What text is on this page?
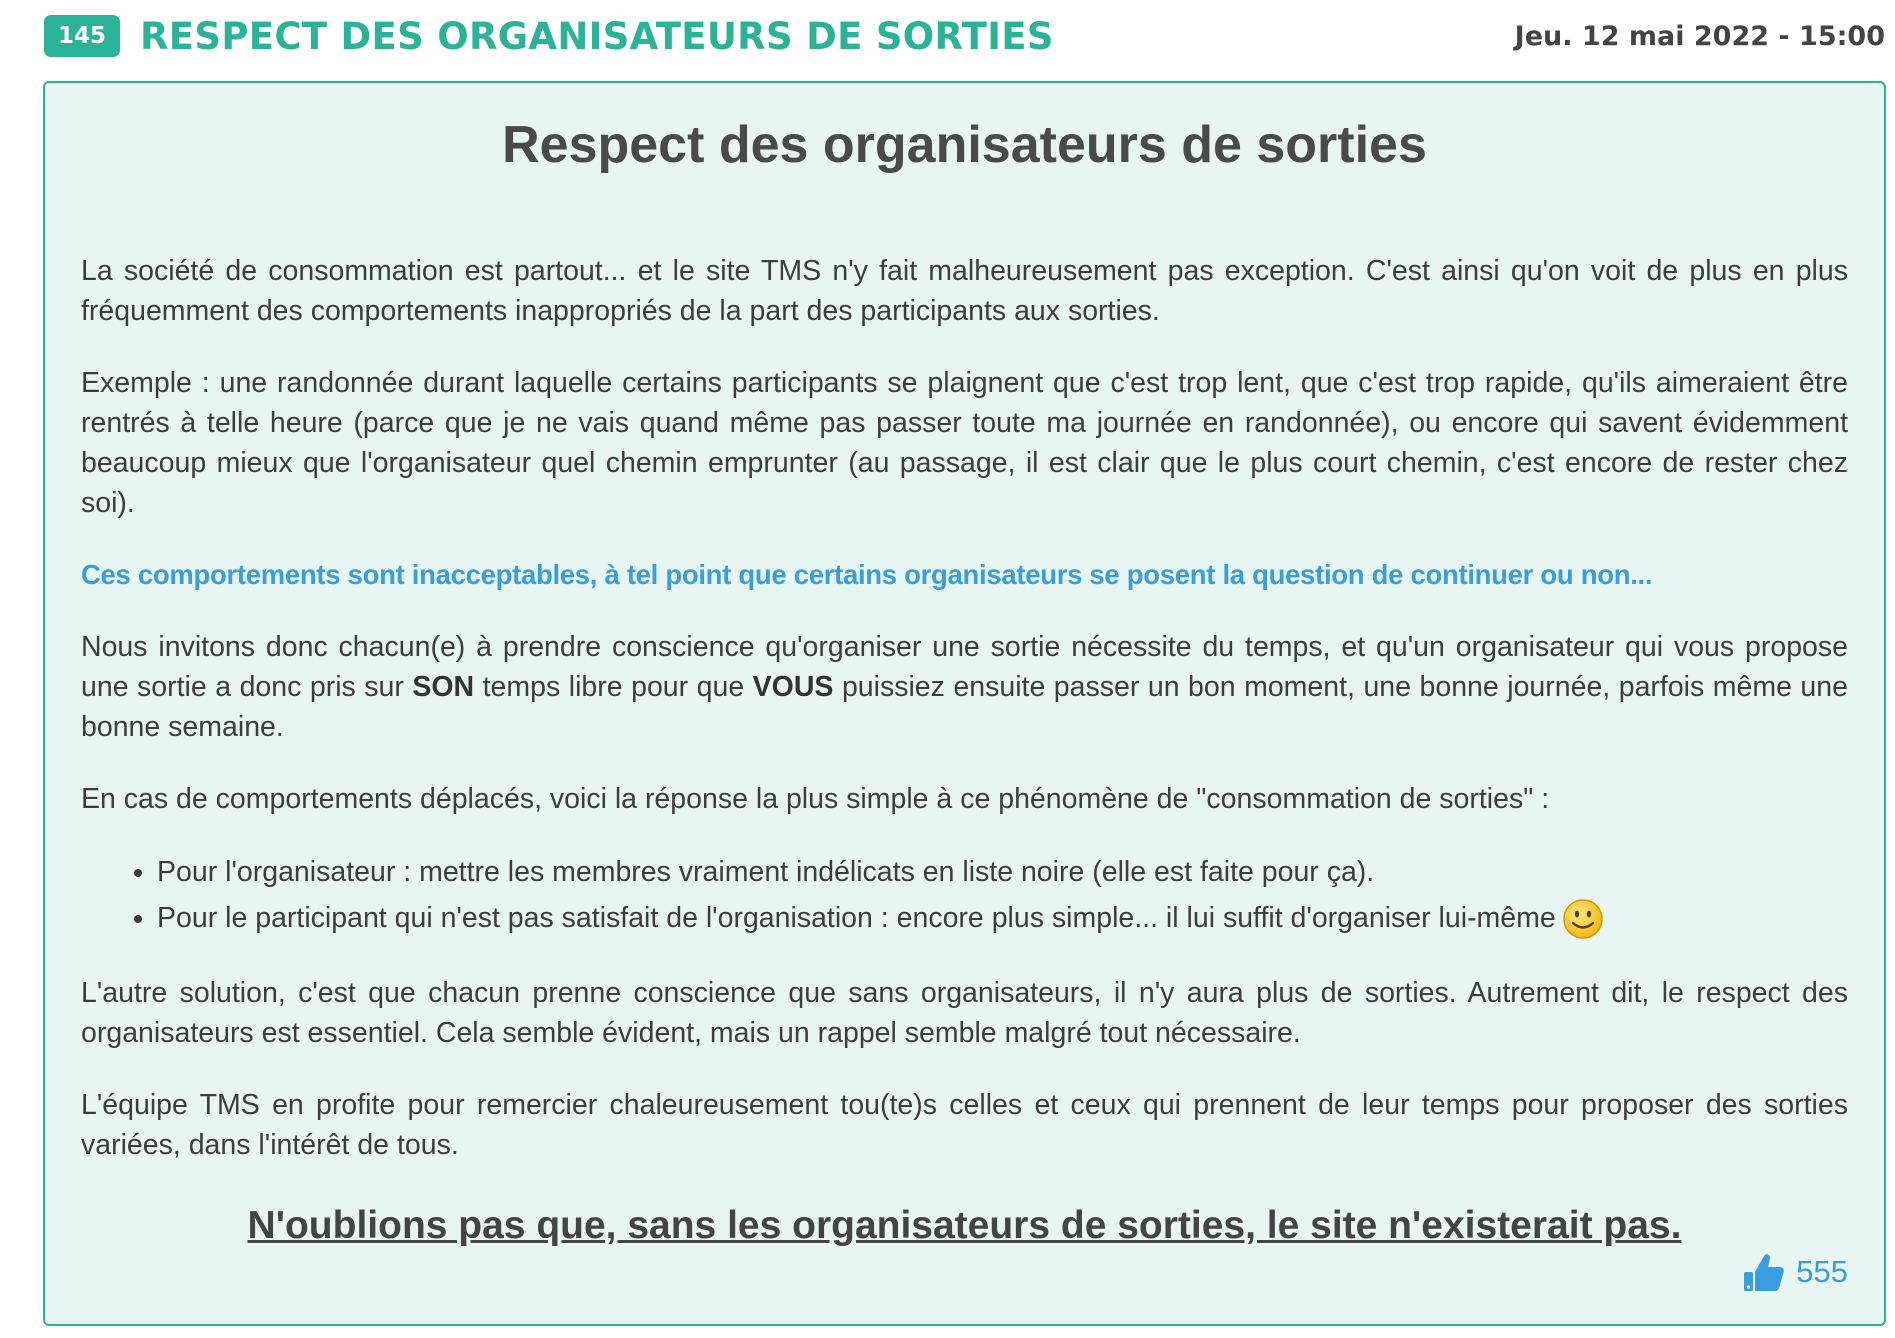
145 RESPECT DES ORGANISATEURS DE SORTIES	Jeu. 12 mai 2022 - 15:00
Respect des organisateurs de sorties

La société de consommation est partout... et le site TMS n'y fait malheureusement pas exception. C'est ainsi qu'on voit de plus en plus fréquemment des comportements inappropriés de la part des participants aux sorties.

Exemple : une randonnée durant laquelle certains participants se plaignent que c'est trop lent, que c'est trop rapide, qu'ils aimeraient être rentrés à telle heure (parce que je ne vais quand même pas passer toute ma journée en randonnée), ou encore qui savent évidemment beaucoup mieux que l'organisateur quel chemin emprunter (au passage, il est clair que le plus court chemin, c'est encore de rester chez soi).

Ces comportements sont inacceptables, à tel point que certains organisateurs se posent la question de continuer ou non...

Nous invitons donc chacun(e) à prendre conscience qu'organiser une sortie nécessite du temps, et qu'un organisateur qui vous propose une sortie a donc pris sur SON temps libre pour que VOUS puissiez ensuite passer un bon moment, une bonne journée, parfois même une bonne semaine.

En cas de comportements déplacés, voici la réponse la plus simple à ce phénomène de "consommation de sorties" :

• Pour l'organisateur : mettre les membres vraiment indélicats en liste noire (elle est faite pour ça).
• Pour le participant qui n'est pas satisfait de l'organisation : encore plus simple... il lui suffit d'organiser lui-même

L'autre solution, c'est que chacun prenne conscience que sans organisateurs, il n'y aura plus de sorties. Autrement dit, le respect des organisateurs est essentiel. Cela semble évident, mais un rappel semble malgré tout nécessaire.

L'équipe TMS en profite pour remercier chaleureusement tou(te)s celles et ceux qui prennent de leur temps pour proposer des sorties variées, dans l'intérêt de tous.

N'oublions pas que, sans les organisateurs de sorties, le site n'existerait pas.

555
